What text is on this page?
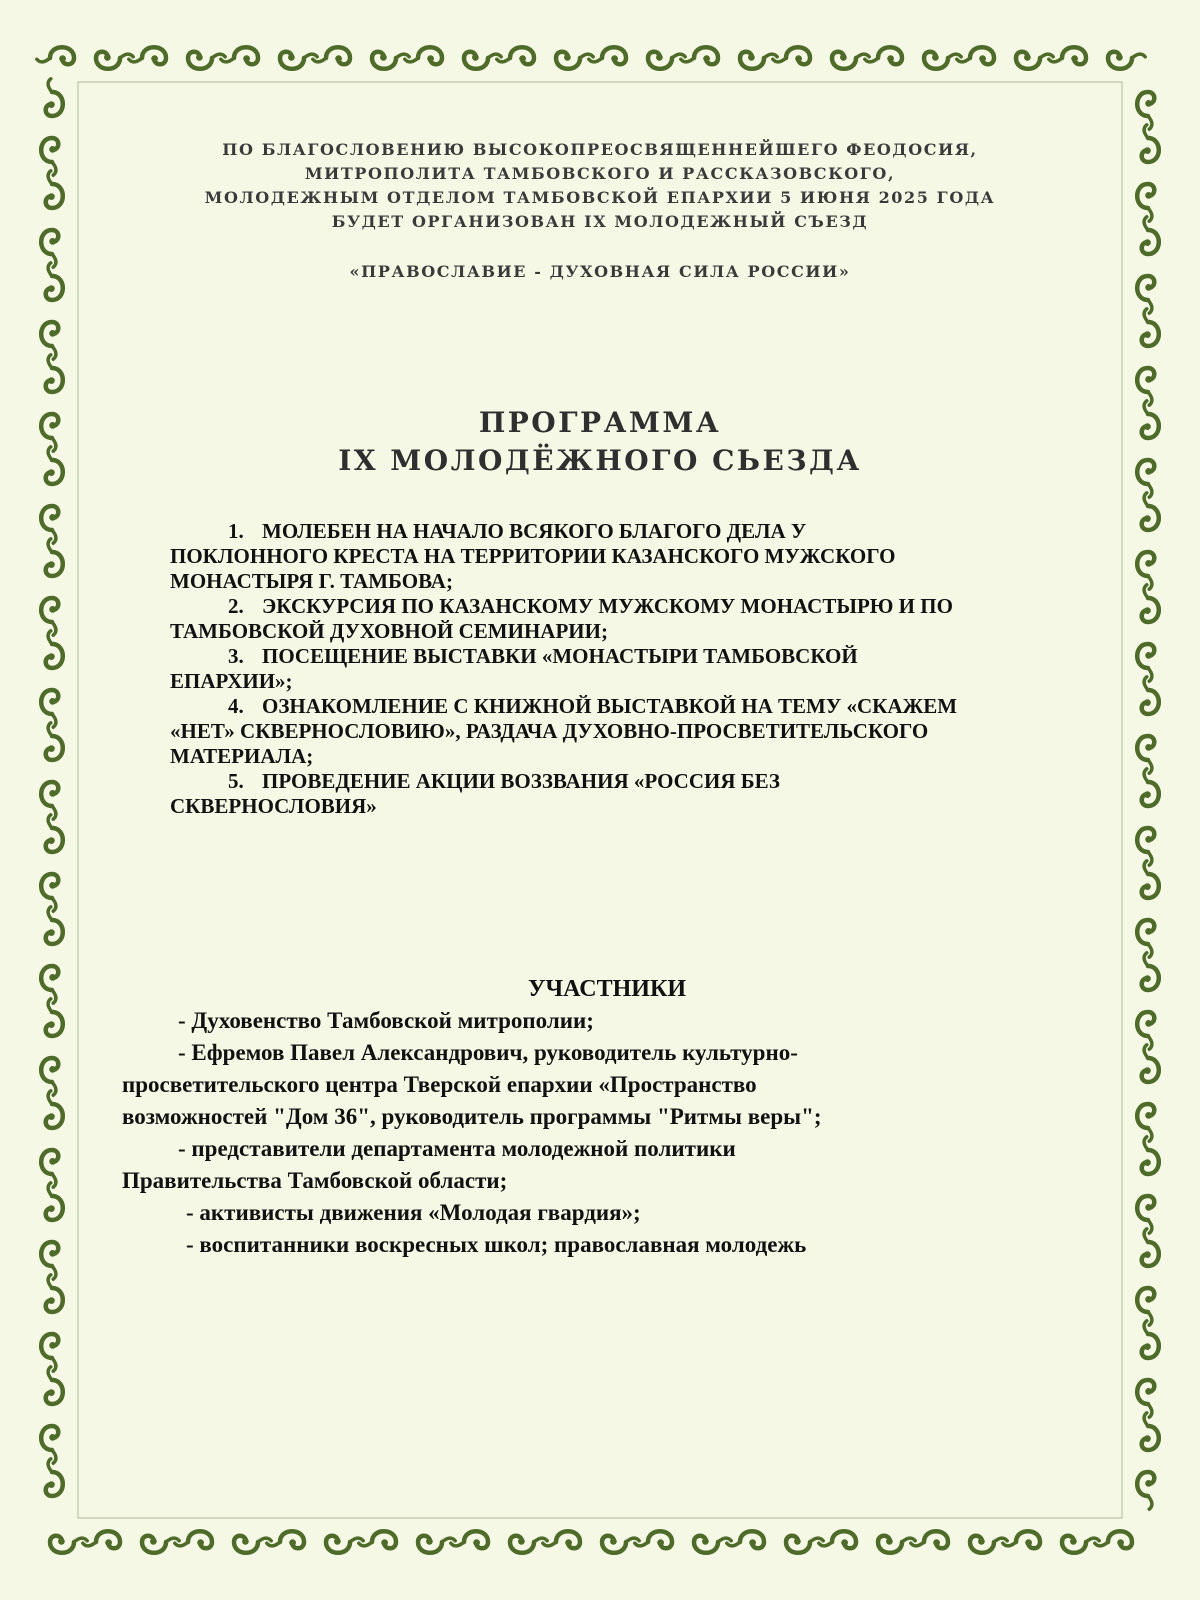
ПО БЛАГОСЛОВЕНИЮ ВЫСОКОПРЕОСВЯЩЕННЕЙШЕГО ФЕОДОСИЯ,
МИТРОПОЛИТА ТАМБОВСКОГО И РАССКАЗОВСКОГО,
МОЛОДЕЖНЫМ ОТДЕЛОМ ТАМБОВСКОЙ ЕПАРХИИ 5 ИЮНЯ 2025 ГОДА
БУДЕТ ОРГАНИЗОВАН IX МОЛОДЕЖНЫЙ СЪЕЗД
«ПРАВОСЛАВИЕ - ДУХОВНАЯ СИЛА РОССИИ»
ПРОГРАММА
IX МОЛОДЁЖНОГО СЬЕЗДА
1. МОЛЕБЕН НА НАЧАЛО ВСЯКОГО БЛАГОГО ДЕЛА У
ПОКЛОННОГО КРЕСТА НА ТЕРРИТОРИИ КАЗАНСКОГО МУЖСКОГО
МОНАСТЫРЯ Г. ТАМБОВА;
2. ЭКСКУРСИЯ ПО КАЗАНСКОМУ МУЖСКОМУ МОНАСТЫРЮ И ПО
ТАМБОВСКОЙ ДУХОВНОЙ СЕМИНАРИИ;
3. ПОСЕЩЕНИЕ ВЫСТАВКИ «МОНАСТЫРИ ТАМБОВСКОЙ
ЕПАРХИИ»;
4. ОЗНАКОМЛЕНИЕ С КНИЖНОЙ ВЫСТАВКОЙ НА ТЕМУ «СКАЖЕМ
«НЕТ» СКВЕРНОСЛОВИЮ», РАЗДАЧА ДУХОВНО-ПРОСВЕТИТЕЛЬСКОГО
МАТЕРИАЛА;
5. ПРОВЕДЕНИЕ АКЦИИ ВОЗЗВАНИЯ «РОССИЯ БЕЗ
СКВЕРНОСЛОВИЯ»
УЧАСТНИКИ
- Духовенство Тамбовской митрополии;
- Ефремов Павел Александрович, руководитель культурно-
просветительского центра Тверской епархии «Пространство
возможностей "Дом 36", руководитель программы "Ритмы веры";
- представители департамента молодежной политики
Правительства Тамбовской области;
- активисты движения «Молодая гвардия»;
- воспитанники воскресных школ; православная молодежь
